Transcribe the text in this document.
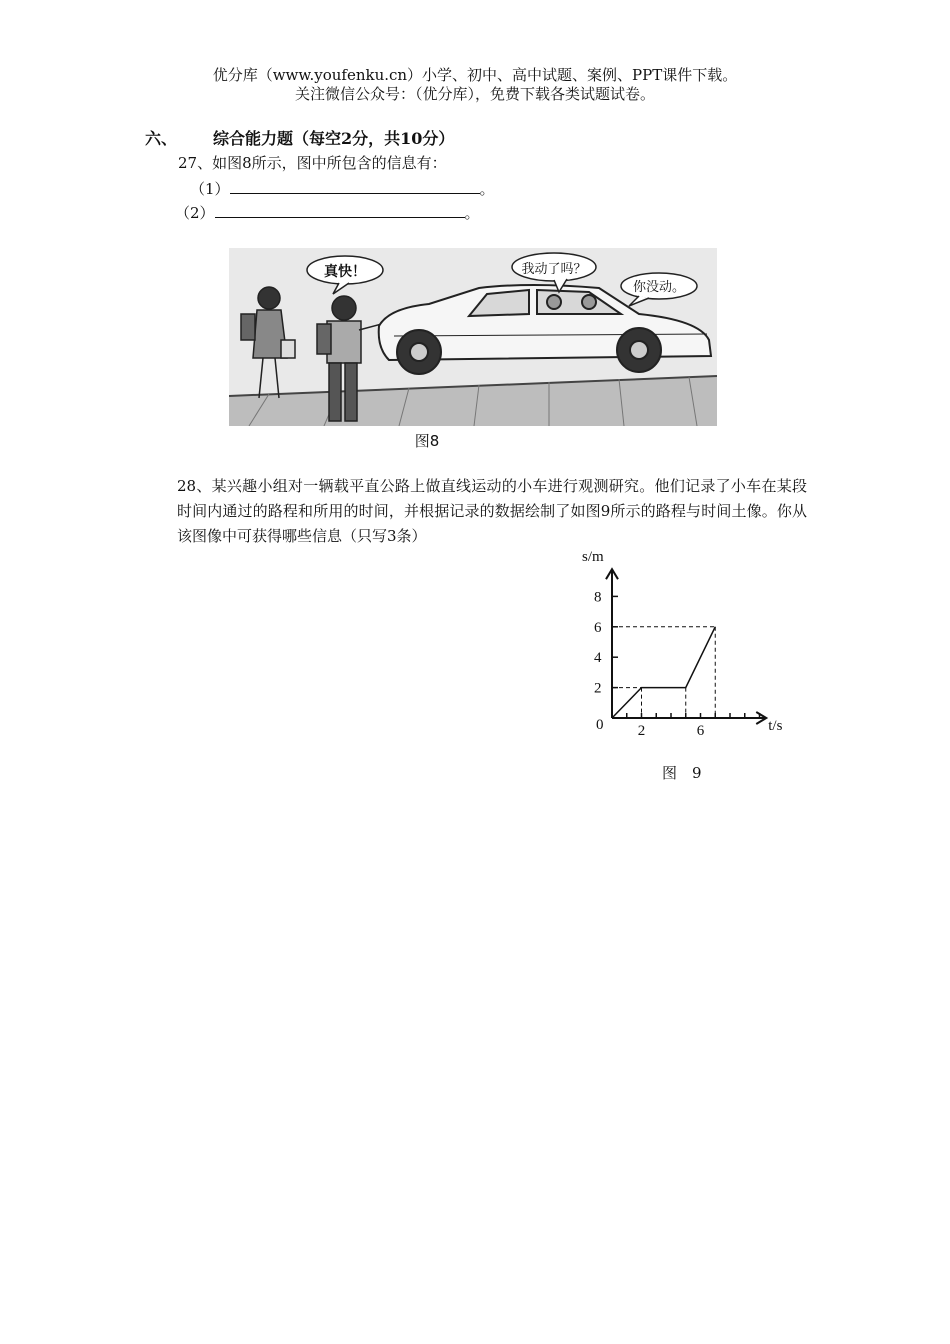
优分库（www.youfenku.cn）小学、初中、高中试题、案例、PPT课件下载。
关注微信公众号：（优分库），免费下载各类试题试卷。
六、 综合能力题（每空2分，共10分）
27、如图8所示，图中所包含的信息有：
（1）	。
（2）	。
真快！	我动了吗？
你没动。
图8
28、某兴趣小组对一辆载平直公路上做直线运动的小车进行观测研究。他们记录了小车在某段时间内通过的路程和所用的时间，并根据记录的数据绘制了如图9所示的路程与时间土像。你从该图像中可获得哪些信息（只写3条）
t/s
s/m
0
2
4
6
8
2	6
图　9
